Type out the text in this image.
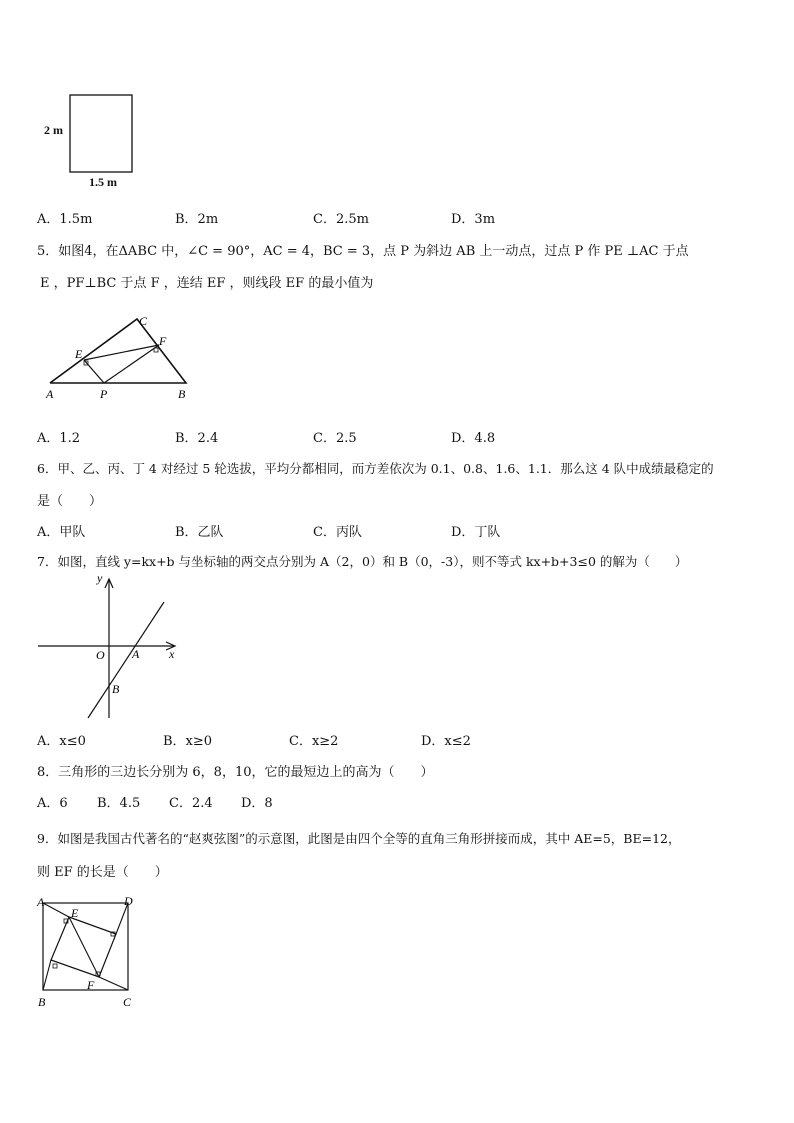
2 m
1.5 m
A．1.5m	B．2m	C．2.5m	D．3m
5．如图4，在ΔABC 中，∠C = 90°，AC = 4，BC = 3，点 P 为斜边 AB 上一动点，过点 P 作 PE ⊥AC 于点
E ，PF⊥BC 于点 F ，连结 EF ，则线段 EF 的最小值为
C
E
F
A	P	B
A．1.2	B．2.4	C．2.5	D．4.8
6．甲、乙、丙、丁 4 对经过 5 轮选拔，平均分都相同，而方差依次为 0.1、0.8、1.6、1.1．那么这 4 队中成绩最稳定的
是（　　）
A．甲队	B．乙队	C．丙队	D．丁队
7．如图，直线 y=kx+b 与坐标轴的两交点分别为 A（2，0）和 B（0，-3），则不等式 kx+b+3≤0 的解为（　　）
y
x
O A
B
A．x≤0	B．x≥0	C．x≥2	D．x≤2
8．三角形的三边长分别为 6，8，10，它的最短边上的高为（　　）
A．6 B．4.5 C．2.4 D．8
9．如图是我国古代著名的“赵爽弦图”的示意图，此图是由四个全等的直角三角形拼接而成，其中 AE=5，BE=12，
则 EF 的长是（　　）
A	D
E
F
B	C
